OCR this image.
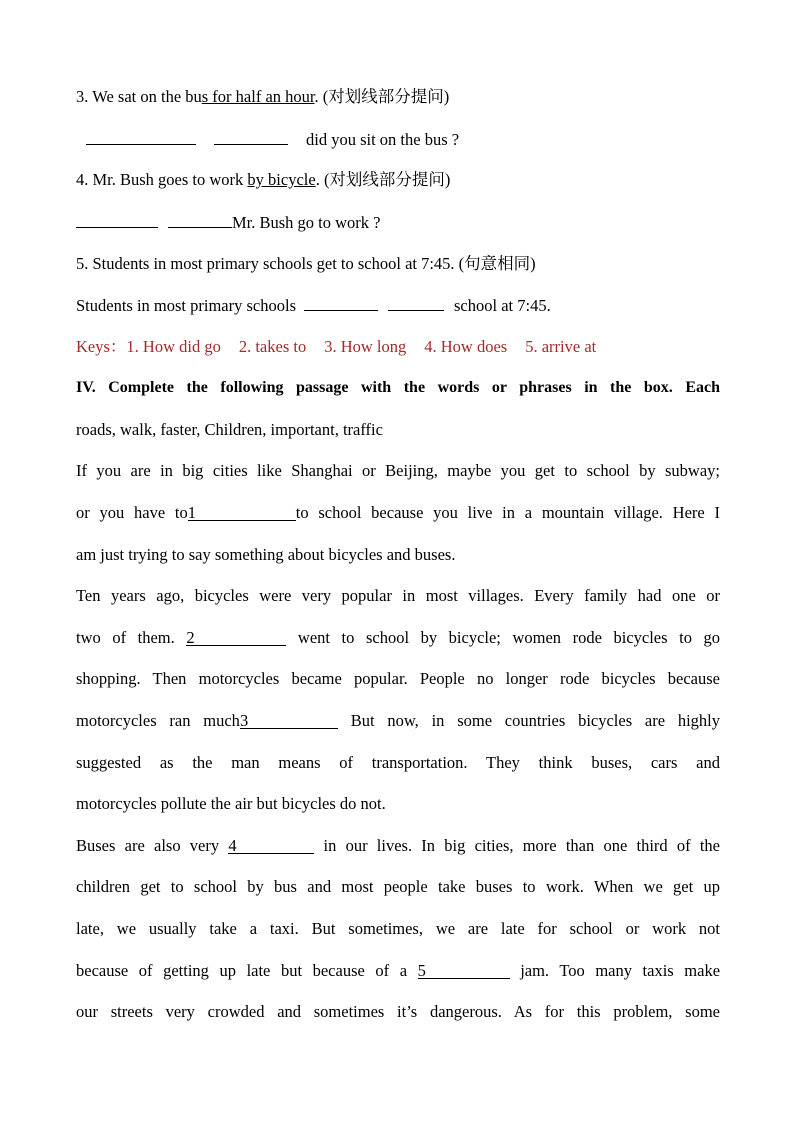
3. We sat on the bus for half an hour. (对划线部分提问)
did you sit on the bus ?
4. Mr. Bush goes to work by bicycle. (对划线部分提问)
Mr. Bush go to work ?
5. Students in most primary schools get to school at 7:45. (句意相同)
Students in most primary schools	school at 7:45.
Keys：1. How did go 2. takes to 3. How long 4. How does 5. arrive at
IV. Complete the following passage with the words or phrases in the box. Each
roads, walk, faster, Children, important, traffic
If you are in big cities like Shanghai or Beijing, maybe you get to school by subway;
or you have to1	to school because you live in a mountain village. Here I
am just trying to say something about bicycles and buses.
Ten years ago, bicycles were very popular in most villages. Every family had one or
two of them. 2	went to school by bicycle; women rode bicycles to go
shopping. Then motorcycles became popular. People no longer rode bicycles because
motorcycles ran much3	But now, in some countries bicycles are highly
suggested as the man means of transportation. They think buses, cars and
motorcycles pollute the air but bicycles do not.
Buses are also very 4	in our lives. In big cities, more than one third of the
children get to school by bus and most people take buses to work. When we get up
late, we usually take a taxi. But sometimes, we are late for school or work not
because of getting up late but because of a 5	jam. Too many taxis make
our streets very crowded and sometimes it’s dangerous. As for this problem, some
